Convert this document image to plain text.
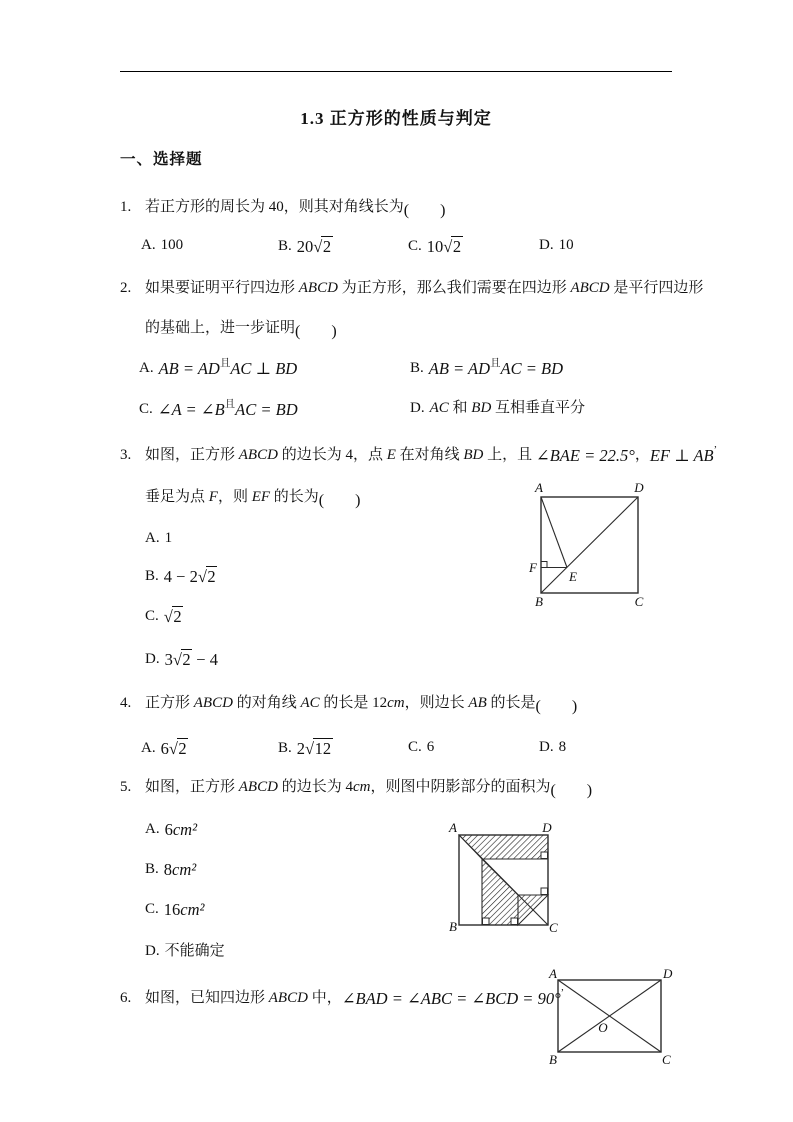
1.3 正方形的性质与判定
一、选择题
1. 若正方形的周长为 40，则其对角线长为(      )
A. 100	B. 20√2	C. 10√2	D. 10
2. 如果要证明平行四边形 ABCD 为正方形，那么我们需要在四边形 ABCD 是平行四边形
的基础上，进一步证明(      )
A. AB = $AD^且AC$ ⊥ BD	B. AB = $AD^且AC$ = BD
C. ∠A = $\angle B^且AC$ = BD	D. AC 和 BD 互相垂直平分
3. 如图，正方形 ABCD 的边长为 4，点 E 在对角线 BD 上，且 ∠BAE = 22.5°，EF ⊥ AB’
垂足为点 F，则 EF 的长为(      )
A. 1
B. 4 − 2√2
C. √2
D. 3√2 − 4
A	D
B	C
F
E
4. 正方形 ABCD 的对角线 AC 的长是 12cm，则边长 AB 的长是(      )
A. 6√2	B. 2√12	C. 6	D. 8
5. 如图，正方形 ABCD 的边长为 4cm，则图中阴影部分的面积为(      )
A. 6cm²
B. 8cm²
C. 16cm²
D. 不能确定
A	D
B	C
6. 如图，已知四边形 ABCD 中，∠BAD = ∠ABC = ∠BCD = 90°’
A	D
B	C
O
